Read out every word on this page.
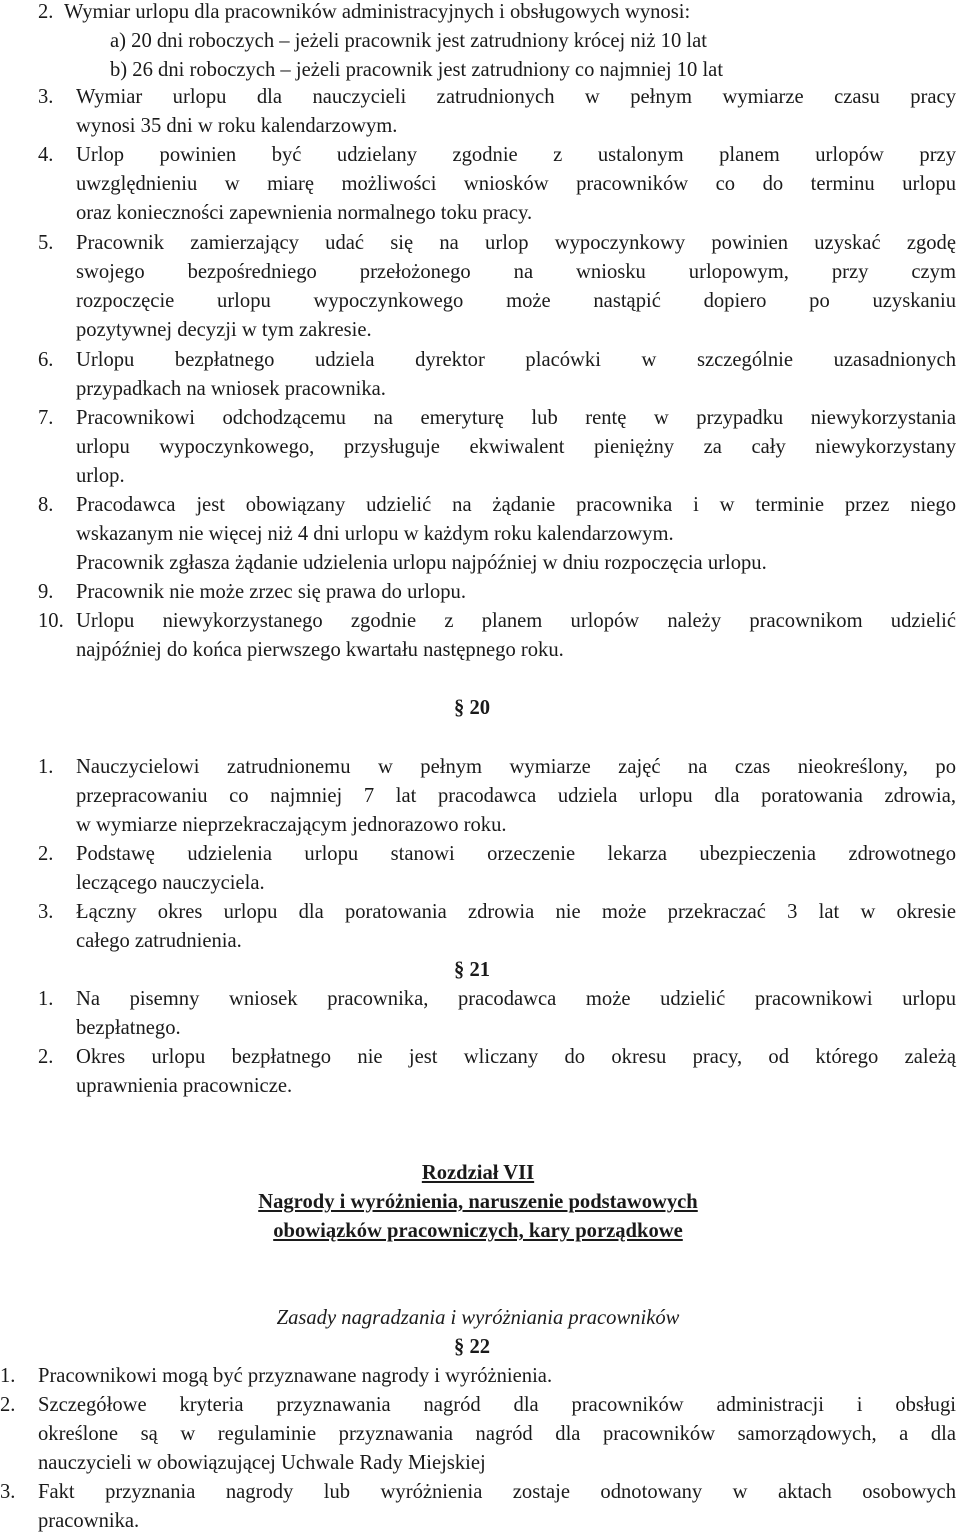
2. Wymiar urlopu dla pracowników administracyjnych i obsługowych wynosi:
a) 20 dni roboczych – jeżeli pracownik jest zatrudniony krócej niż 10 lat
b) 26 dni roboczych – jeżeli pracownik jest zatrudniony co najmniej 10 lat
3. Wymiar urlopu dla nauczycieli zatrudnionych w pełnym wymiarze czasu pracy
wynosi 35 dni w roku kalendarzowym.
4. Urlop powinien być udzielany zgodnie z ustalonym planem urlopów przy
uwzględnieniu w miarę możliwości wniosków pracowników co do terminu urlopu
oraz konieczności zapewnienia normalnego toku pracy.
5. Pracownik zamierzający udać się na urlop wypoczynkowy powinien uzyskać zgodę
swojego bezpośredniego przełożonego na wniosku urlopowym, przy czym
rozpoczęcie urlopu wypoczynkowego może nastąpić dopiero po uzyskaniu
pozytywnej decyzji w tym zakresie.
6. Urlopu bezpłatnego udziela dyrektor placówki w szczególnie uzasadnionych
przypadkach na wniosek pracownika.
7. Pracownikowi odchodzącemu na emeryturę lub rentę w przypadku niewykorzystania
urlopu wypoczynkowego, przysługuje ekwiwalent pieniężny za cały niewykorzystany
urlop.
8. Pracodawca jest obowiązany udzielić na żądanie pracownika i w terminie przez niego
wskazanym nie więcej niż 4 dni urlopu w każdym roku kalendarzowym.
Pracownik zgłasza żądanie udzielenia urlopu najpóźniej w dniu rozpoczęcia urlopu.
9. Pracownik nie może zrzec się prawa do urlopu.
10. Urlopu niewykorzystanego zgodnie z planem urlopów należy pracownikom udzielić
najpóźniej do końca pierwszego kwartału następnego roku.
§ 20
1. Nauczycielowi zatrudnionemu w pełnym wymiarze zajęć na czas nieokreślony, po
przepracowaniu co najmniej 7 lat pracodawca udziela urlopu dla poratowania zdrowia,
w wymiarze nieprzekraczającym jednorazowo roku.
2. Podstawę udzielenia urlopu stanowi orzeczenie lekarza ubezpieczenia zdrowotnego
leczącego nauczyciela.
3. Łączny okres urlopu dla poratowania zdrowia nie może przekraczać 3 lat w okresie
całego zatrudnienia.
§ 21
1. Na pisemny wniosek pracownika, pracodawca może udzielić pracownikowi urlopu
bezpłatnego.
2. Okres urlopu bezpłatnego nie jest wliczany do okresu pracy, od którego zależą
uprawnienia pracownicze.
Rozdział VII
Nagrody i wyróżnienia, naruszenie podstawowych
obowiązków pracowniczych, kary porządkowe
Zasady nagradzania i wyróżniania pracowników
§ 22
1. Pracownikowi mogą być przyznawane nagrody i wyróżnienia.
2. Szczegółowe kryteria przyznawania nagród dla pracowników administracji i obsługi
określone są w regulaminie przyznawania nagród dla pracowników samorządowych, a dla
nauczycieli w obowiązującej Uchwale Rady Miejskiej
3. Fakt przyznania nagrody lub wyróżnienia zostaje odnotowany w aktach osobowych
pracownika.
